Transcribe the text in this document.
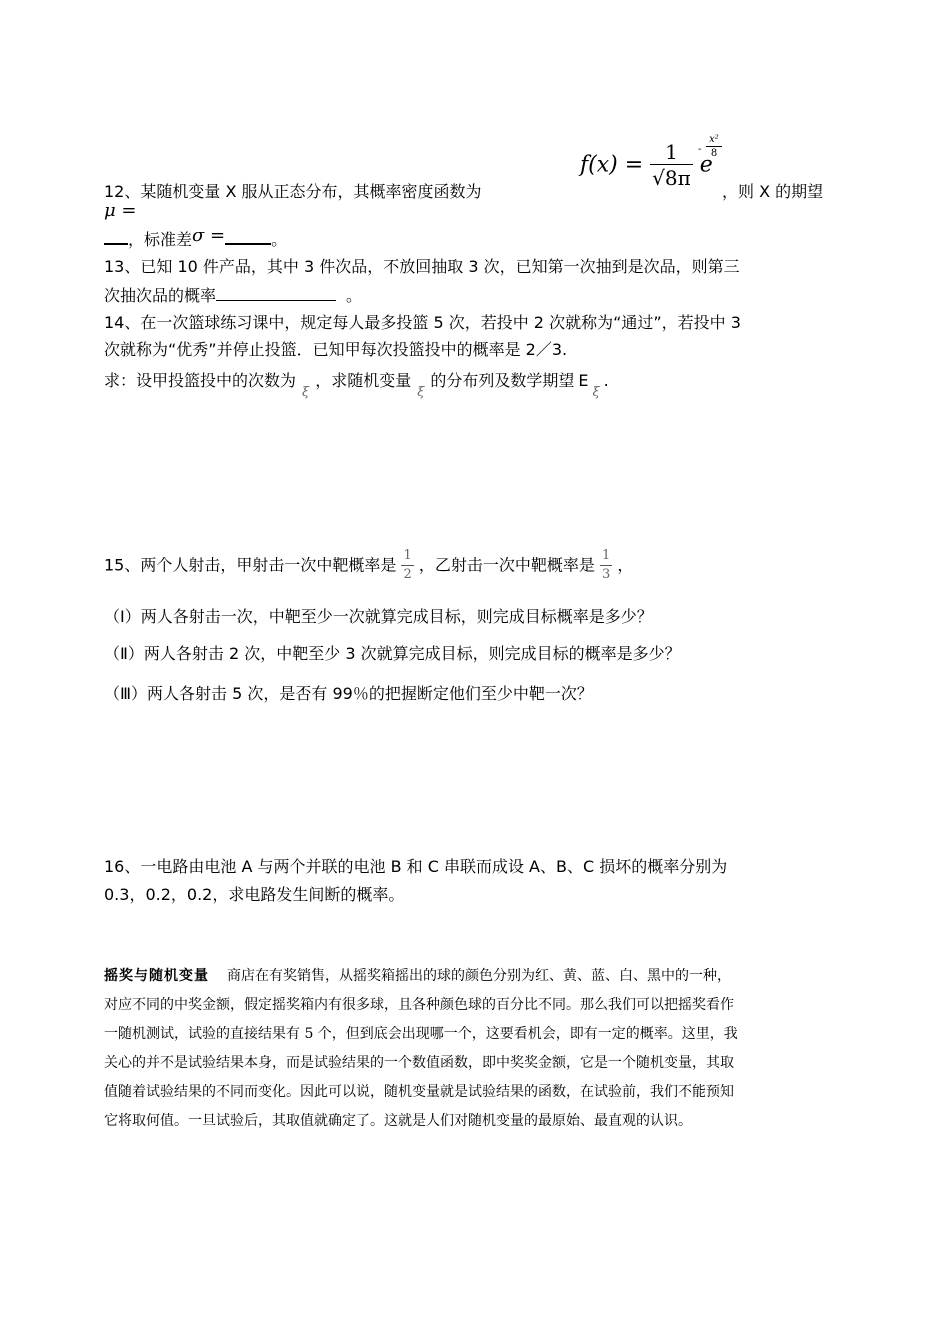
12、某随机变量 X 服从正态分布，其概率密度函数为
$f(x) = \frac{1}{√8\pi}$ e
-
x²
8
，则 X 的期望
μ =
，标准差σ =	。
13、已知 10 件产品，其中 3 件次品，不放回抽取 3 次，已知第一次抽到是次品，则第三
次抽次品的概率	。
14、在一次篮球练习课中，规定每人最多投篮 5 次，若投中 2 次就称为“通过”，若投中 3
次就称为“优秀”并停止投篮．已知甲每次投篮投中的概率是 2／3.
求：设甲投篮投中的次数为$_\xi$，求随机变量$_\xi$的分布列及数学期望 $E_\xi$.
15、两个人射击，甲射击一次中靶概率是 $\frac{1}{2}$ ，乙射击一次中靶概率是 $\frac{1}{3}$ ，
（Ⅰ）两人各射击一次，中靶至少一次就算完成目标，则完成目标概率是多少？
（Ⅱ）两人各射击 2 次，中靶至少 3 次就算完成目标，则完成目标的概率是多少？
（Ⅲ）两人各射击 5 次，是否有 99％的把握断定他们至少中靶一次？
16、一电路由电池 A 与两个并联的电池 B 和 C 串联而成设 A、B、C 损坏的概率分别为
0.3，0.2，0.2，求电路发生间断的概率。
摇奖与随机变量 商店在有奖销售，从摇奖箱摇出的球的颜色分别为红、黄、蓝、白、黑中的一种，
对应不同的中奖金额，假定摇奖箱内有很多球，且各种颜色球的百分比不同。那么我们可以把摇奖看作
一随机测试，试验的直接结果有 5 个，但到底会出现哪一个，这要看机会，即有一定的概率。这里，我
关心的并不是试验结果本身，而是试验结果的一个数值函数，即中奖奖金额，它是一个随机变量，其取
值随着试验结果的不同而变化。因此可以说，随机变量就是试验结果的函数，在试验前，我们不能预知
它将取何值。一旦试验后，其取值就确定了。这就是人们对随机变量的最原始、最直观的认识。
